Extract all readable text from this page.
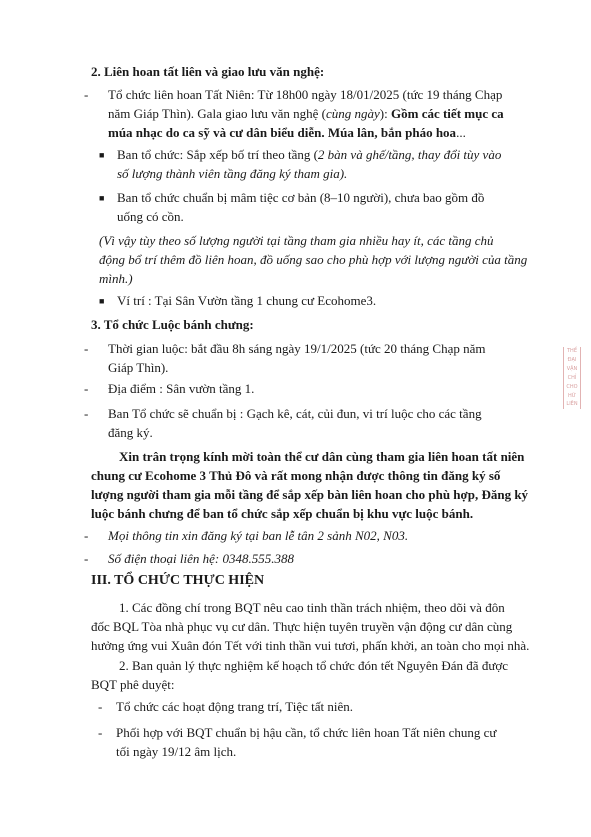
2. Liên hoan tất liên và giao lưu văn nghệ:
-	Tổ chức liên hoan Tất Niên: Từ 18h00 ngày 18/01/2025 (tức 19 tháng Chạp
năm Giáp Thìn). Gala giao lưu văn nghệ (cùng ngày): Gồm các tiết mục ca
múa nhạc do ca sỹ và cư dân biểu diễn. Múa lân, bắn pháo hoa...
■ Ban tổ chức: Sắp xếp bố trí theo tầng (2 bàn và ghế/tầng, thay đổi tùy vào
số lượng thành viên tầng đăng ký tham gia).
■ Ban tổ chức chuẩn bị mâm tiệc cơ bản (8–10 người), chưa bao gồm đồ
uống có cồn.
(Vì vậy tùy theo số lượng người tại tầng tham gia nhiều hay ít, các tầng chủ
động bổ trí thêm đồ liên hoan, đồ uống sao cho phù hợp với lượng người của tầng
mình.)
■ Ví trí : Tại Sân Vườn tầng 1 chung cư Ecohome3.
3. Tổ chức Luộc bánh chưng:
-	Thời gian luộc: bắt đầu 8h sáng ngày 19/1/2025 (tức 20 tháng Chạp năm
Giáp Thìn).
-	Địa điểm : Sân vườn tầng 1.
-	Ban Tổ chức sẽ chuẩn bị : Gạch kê, cát, củi đun, vi trí luộc cho các tầng
đăng ký.
Xin trân trọng kính mời toàn thể cư dân cùng tham gia liên hoan tất niên
chung cư Ecohome 3 Thủ Đô và rất mong nhận được thông tin đăng ký số
lượng người tham gia mỗi tầng để sắp xếp bàn liên hoan cho phù hợp, Đăng ký
luộc bánh chưng để ban tổ chức sắp xếp chuẩn bị khu vực luộc bánh.
-	Mọi thông tin xin đăng ký tại ban lễ tân 2 sảnh N02, N03.
-	Số điện thoại liên hệ: 0348.555.388
III. TỔ CHỨC THỰC HIỆN
1. Các đồng chí trong BQT nêu cao tinh thần trách nhiệm, theo dõi và đôn
đốc BQL Tòa nhà phục vụ cư dân. Thực hiện tuyên truyền vận động cư dân cùng
hưởng ứng vui Xuân đón Tết với tinh thần vui tươi, phấn khởi, an toàn cho mọi nhà.
2. Ban quản lý thực nghiệm kế hoạch tổ chức đón tết Nguyên Đán đã được
BQT phê duyệt:
-	Tổ chức các hoạt động trang trí, Tiệc tất niên.
-	Phối hợp với BQT chuẩn bị hậu cần, tổ chức liên hoan Tất niên chung cư
tối ngày 19/12 âm lịch.
THỂ
ĐẠI
VẬN
CHỈ
CHO
HỮ
LIÊN
